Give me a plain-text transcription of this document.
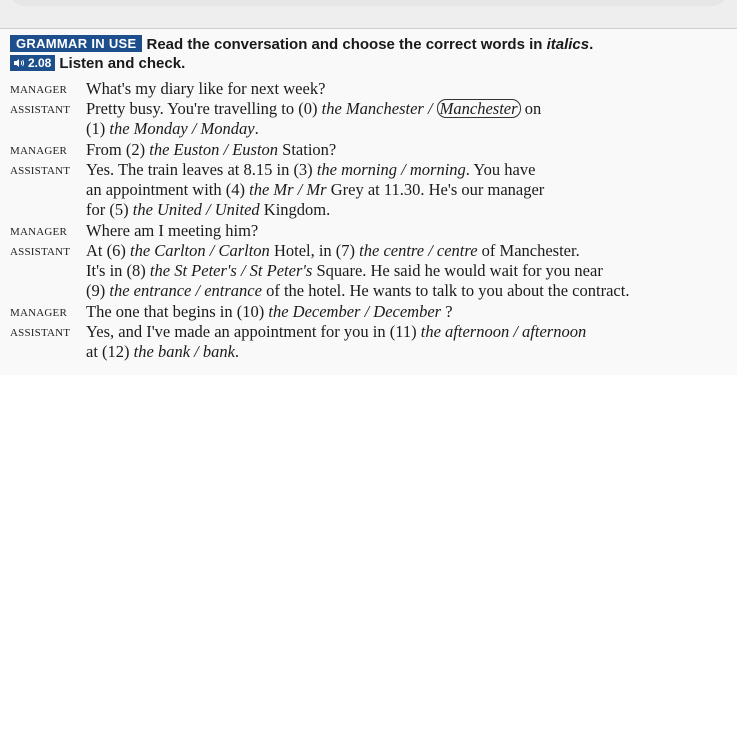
GRAMMAR IN USE Read the conversation and choose the correct words in italics.
2.08 Listen and check.
MANAGER What's my diary like for next week?
ASSISTANT Pretty busy. You're travelling to (0) the Manchester / Manchester on
(1) the Monday / Monday.
MANAGER From (2) the Euston / Euston Station?
ASSISTANT Yes. The train leaves at 8.15 in (3) the morning / morning. You have
an appointment with (4) the Mr / Mr Grey at 11.30. He's our manager
for (5) the United / United Kingdom.
MANAGER Where am I meeting him?
ASSISTANT At (6) the Carlton / Carlton Hotel, in (7) the centre / centre of Manchester.
It's in (8) the St Peter's / St Peter's Square. He said he would wait for you near
(9) the entrance / entrance of the hotel. He wants to talk to you about the contract.
MANAGER The one that begins in (10) the December / December ?
ASSISTANT Yes, and I've made an appointment for you in (11) the afternoon / afternoon
at (12) the bank / bank.
